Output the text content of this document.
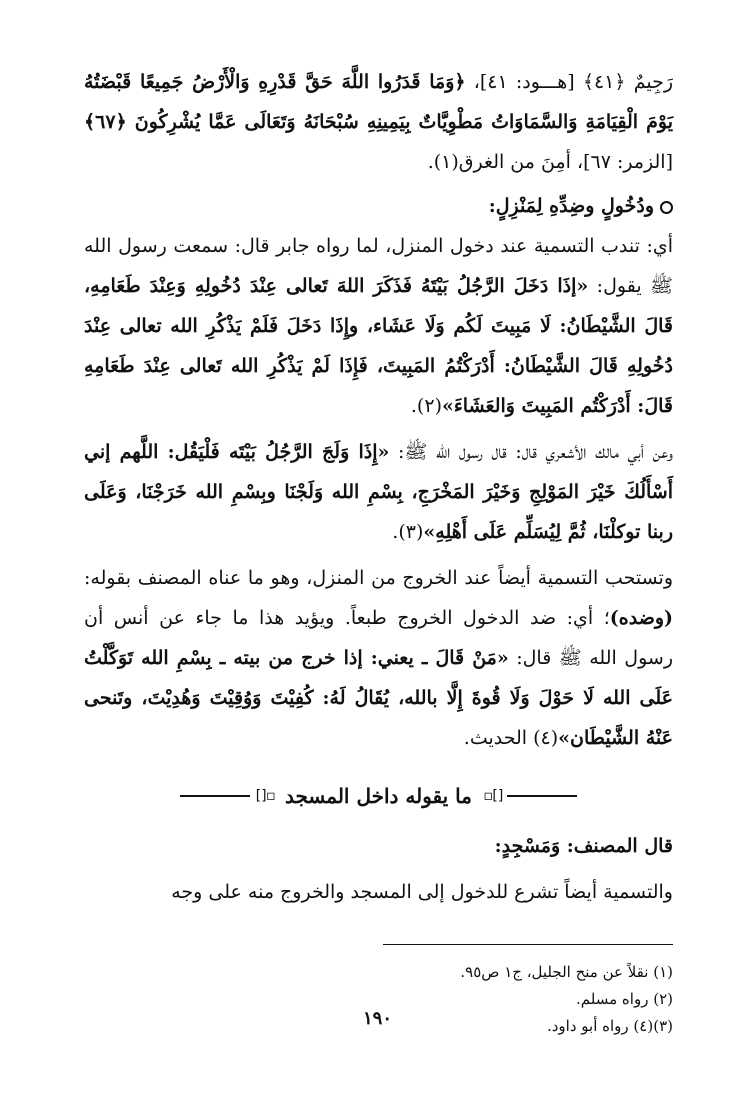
رَجِيمٌ ﴿٤١﴾ [هـــود: ٤١]، ﴿وَمَا قَدَرُوا اللَّهَ حَقَّ قَدْرِهِ وَالْأَرْضُ جَمِيعًا قَبْضَتُهُ يَوْمَ الْقِيَامَةِ وَالسَّمَاوَاتُ مَطْوِيَّاتٌ بِيَمِينِهِ سُبْحَانَهُ وَتَعَالَى عَمَّا يُشْرِكُونَ ﴿٦٧﴾ [الزمر: ٦٧]، أمِنَ من الغرق(١).

ودُخُولٍ وضِدِّهِ لِمَنْزِلٍ:

أي: تندب التسمية عند دخول المنزل، لما رواه جابر قال: سمعت رسول الله ﷺ يقول: «إذَا دَخَلَ الرَّجُلُ بَيْتَهُ فَذَكَرَ اللهَ تَعالى عِنْدَ دُخُولِهِ وَعِنْدَ طَعَامِهِ، قَالَ الشَّيْطَانُ: لَا مَبِيتَ لَكُم وَلَا عَشَاء، وإِذَا دَخَلَ فَلَمْ يَذْكُرِ الله تعالى عِنْدَ دُخُولِهِ قَالَ الشَّيْطَانُ: أَدْرَكْتُمُ المَبِيتَ، فَإِذَا لَمْ يَذْكُرِ الله تَعالى عِنْدَ طَعَامِهِ قَالَ: أَدْرَكْتُم المَبِيتَ وَالعَشَاءَ»(٢).

وعن أبي مالك الأشعري قال: قال رسول الله ﷺ: «إِذَا وَلَجَ الرَّجُلُ بَيْتَه فَلْيَقُل: اللَّهم إني أَسْأَلُكَ خَيْرَ المَوْلِجِ وَخَيْرَ المَخْرَجِ، بِسْمِ الله وَلَجْنَا وبِسْمِ الله خَرَجْنَا، وَعَلَى ربنا توكلْنَا، ثُمَّ لِيُسَلِّم عَلَى أَهْلِهِ»(٣).

وتستحب التسمية أيضاً عند الخروج من المنزل، وهو ما عناه المصنف بقوله: (وضده)؛ أي: ضد الدخول الخروج طبعاً. ويؤيد هذا ما جاء عن أنس أن رسول الله ﷺ قال: «مَنْ قَالَ ـ يعني: إذا خرج من بيته ـ بِسْمِ الله تَوَكَّلْتُ عَلَى الله لَا حَوْلَ وَلَا قُوةَ إِلَّا بالله، يُقَالُ لَهُ: كُفِيْتَ وَوُقِيْتَ وَهُدِيْتَ، وتَنحى عَنْهُ الشَّيْطَان»(٤) الحديث.

[]◻ ما يقوله داخل المسجد ◻[]

قال المصنف: وَمَسْجِدٍ:

والتسمية أيضاً تشرع للدخول إلى المسجد والخروج منه على وجه

(١) نقلاً عن منح الجليل، ج١ ص٩٥.

(٢) رواه مسلم.

(٣)(٤) رواه أبو داود.

١٩٠
